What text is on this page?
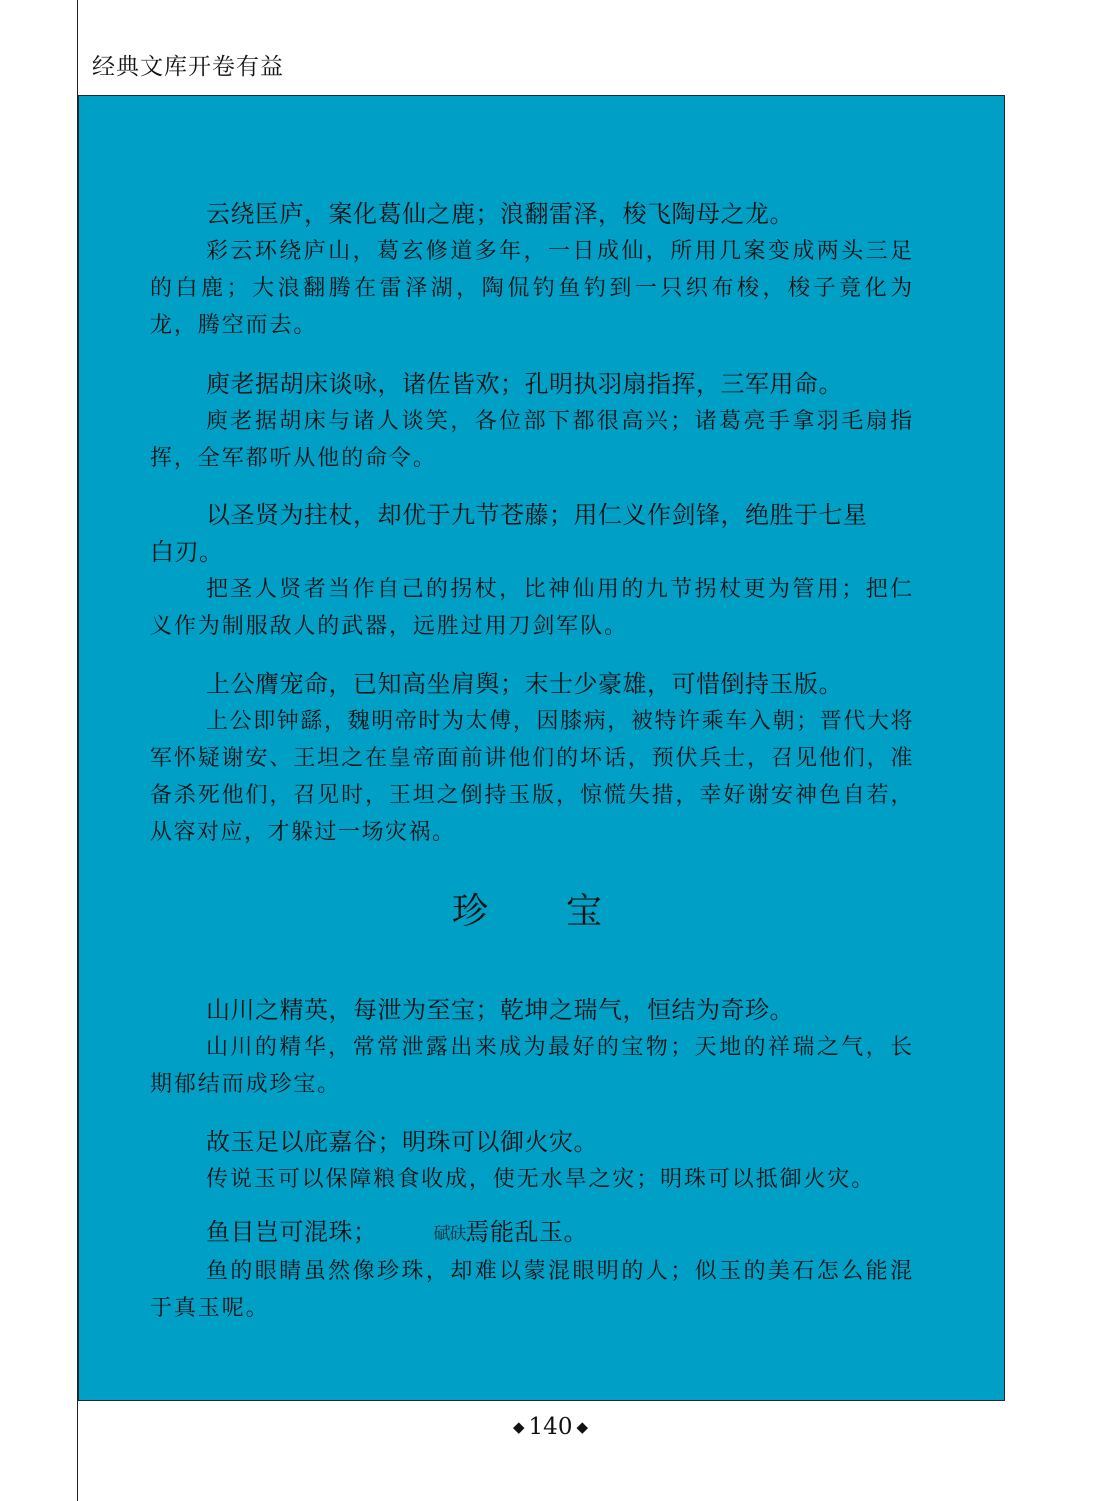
经典文库开卷有益

云绕匡庐，案化葛仙之鹿；浪翻雷泽，梭飞陶母之龙。

彩云环绕庐山，葛玄修道多年，一日成仙，所用几案变成两头三足的白鹿；大浪翻腾在雷泽湖，陶侃钓鱼钓到一只织布梭，梭子竟化为龙，腾空而去。

庾老据胡床谈咏，诸佐皆欢；孔明执羽扇指挥，三军用命。

庾老据胡床与诸人谈笑，各位部下都很高兴；诸葛亮手拿羽毛扇指挥，全军都听从他的命令。

以圣贤为拄杖，却优于九节苍藤；用仁义作剑锋，绝胜于七星

白刃。

把圣人贤者当作自己的拐杖，比神仙用的九节拐杖更为管用；把仁义作为制服敌人的武器，远胜过用刀剑军队。

上公膺宠命，已知高坐肩舆；末士少豪雄，可惜倒持玉版。

上公即钟繇，魏明帝时为太傅，因膝病，被特许乘车入朝；晋代大将军怀疑谢安、王坦之在皇帝面前讲他们的坏话，预伏兵士，召见他们，准备杀死他们，召见时，王坦之倒持玉版，惊慌失措，幸好谢安神色自若，从容对应，才躲过一场灾祸。

珍宝

山川之精英，每泄为至宝；乾坤之瑞气，恒结为奇珍。

山川的精华，常常泄露出来成为最好的宝物；天地的祥瑞之气，长期郁结而成珍宝。

故玉足以庇嘉谷；明珠可以御火灾。

传说玉可以保障粮食收成，使无水旱之灾；明珠可以抵御火灾。

鱼目岂可混珠；	碔砆焉能乱玉。

鱼的眼睛虽然像珍珠，却难以蒙混眼明的人；似玉的美石怎么能混于真玉呢。

◆ 140 ◆
